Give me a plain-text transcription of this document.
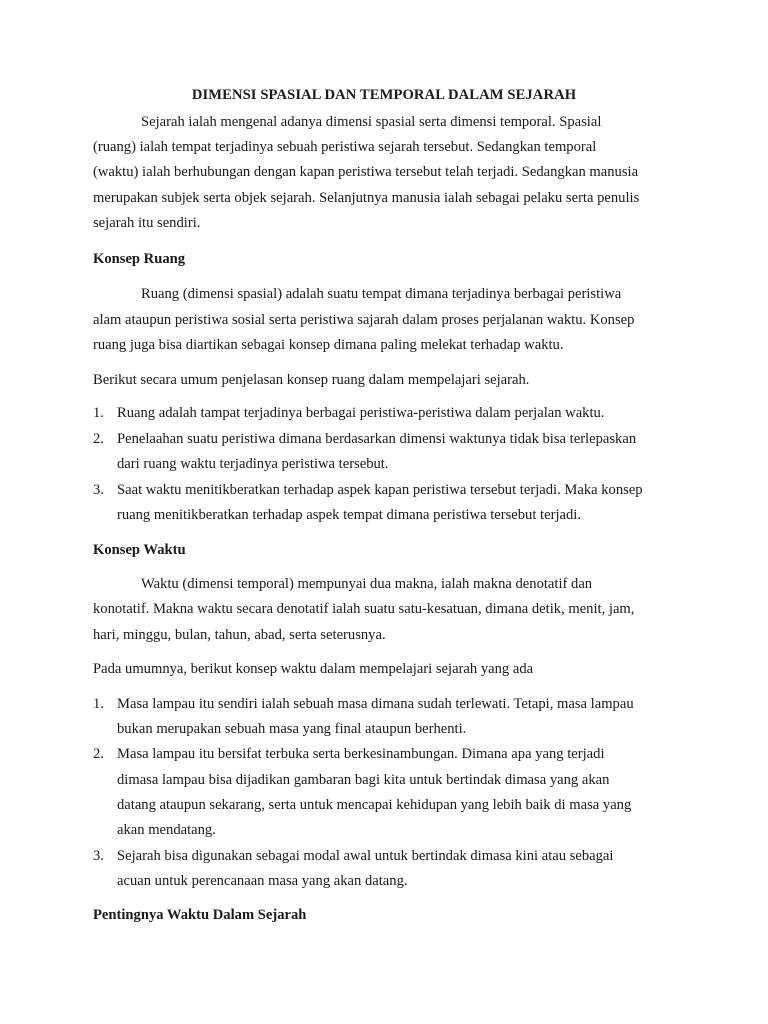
DIMENSI SPASIAL DAN TEMPORAL DALAM SEJARAH

Sejarah ialah mengenal adanya dimensi spasial serta dimensi temporal. Spasial

(ruang) ialah tempat terjadinya sebuah peristiwa sejarah tersebut. Sedangkan temporal

(waktu) ialah berhubungan dengan kapan peristiwa tersebut telah terjadi. Sedangkan manusia

merupakan subjek serta objek sejarah. Selanjutnya manusia ialah sebagai pelaku serta penulis

sejarah itu sendiri.

Konsep Ruang

Ruang (dimensi spasial) adalah suatu tempat dimana terjadinya berbagai peristiwa

alam ataupun peristiwa sosial serta peristiwa sajarah dalam proses perjalanan waktu. Konsep

ruang juga bisa diartikan sebagai konsep dimana paling melekat terhadap waktu.

Berikut secara umum penjelasan konsep ruang dalam mempelajari sejarah.

1. Ruang adalah tampat terjadinya berbagai peristiwa-peristiwa dalam perjalan waktu.

2. Penelaahan suatu peristiwa dimana berdasarkan dimensi waktunya tidak bisa terlepaskan

dari ruang waktu terjadinya peristiwa tersebut.

3. Saat waktu menitikberatkan terhadap aspek kapan peristiwa tersebut terjadi. Maka konsep

ruang menitikberatkan terhadap aspek tempat dimana peristiwa tersebut terjadi.

Konsep Waktu

Waktu (dimensi temporal) mempunyai dua makna, ialah makna denotatif dan

konotatif. Makna waktu secara denotatif ialah suatu satu-kesatuan, dimana detik, menit, jam,

hari, minggu, bulan, tahun, abad, serta seterusnya.

Pada umumnya, berikut konsep waktu dalam mempelajari sejarah yang ada

1. Masa lampau itu sendiri ialah sebuah masa dimana sudah terlewati. Tetapi, masa lampau

bukan merupakan sebuah masa yang final ataupun berhenti.

2. Masa lampau itu bersifat terbuka serta berkesinambungan. Dimana apa yang terjadi

dimasa lampau bisa dijadikan gambaran bagi kita untuk bertindak dimasa yang akan

datang ataupun sekarang, serta untuk mencapai kehidupan yang lebih baik di masa yang

akan mendatang.

3. Sejarah bisa digunakan sebagai modal awal untuk bertindak dimasa kini atau sebagai

acuan untuk perencanaan masa yang akan datang.

Pentingnya Waktu Dalam Sejarah
